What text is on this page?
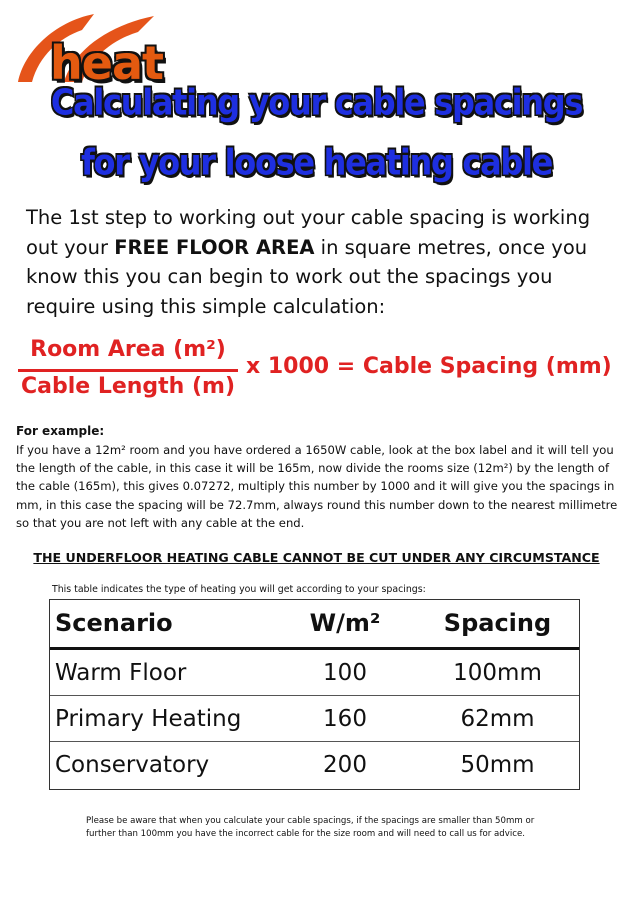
heat
Calculating your cable spacings
for your loose heating cable
The 1st step to working out your cable spacing is working out your FREE FLOOR AREA in square metres, once you know this you can begin to work out the spacings you require using this simple calculation:
Room Area (m²)
Cable Length (m)
x 1000 = Cable Spacing (mm)
For example:
If you have a 12m² room and you have ordered a 1650W cable, look at the box label and it will tell you the length of the cable, in this case it will be 165m, now divide the rooms size (12m²) by the length of the cable (165m), this gives 0.07272, multiply this number by 1000 and it will give you the spacings in mm, in this case the spacing will be 72.7mm, always round this number down to the nearest millimetre so that you are not left with any cable at the end.
THE UNDERFLOOR HEATING CABLE CANNOT BE CUT UNDER ANY CIRCUMSTANCE
This table indicates the type of heating you will get according to your spacings:
Scenario	W/m²	Spacing
Warm Floor	100	100mm
Primary Heating	160	62mm
Conservatory	200	50mm
Please be aware that when you calculate your cable spacings, if the spacings are smaller than 50mm or further than 100mm you have the incorrect cable for the size room and will need to call us for advice.
